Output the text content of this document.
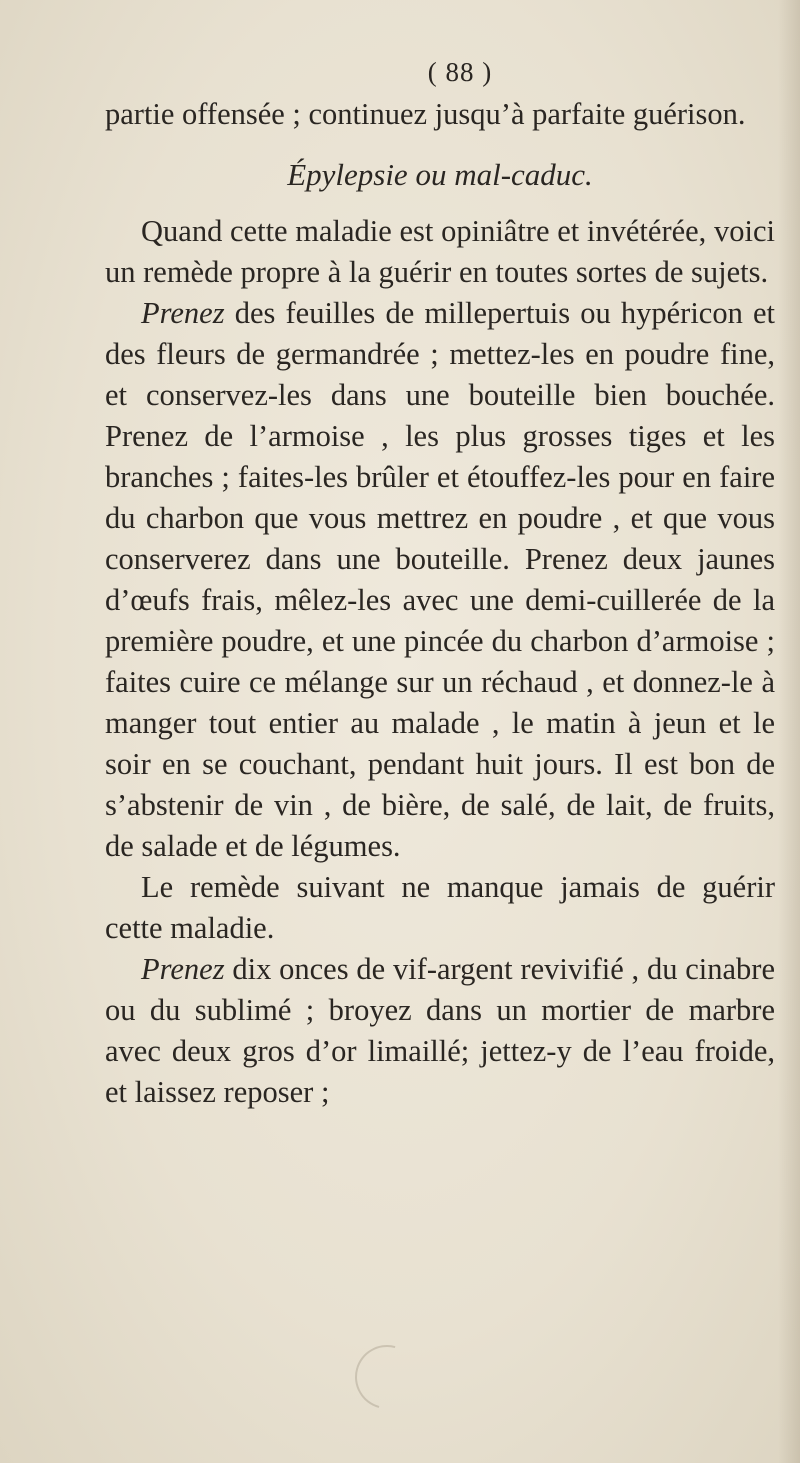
( 88 )

partie offensée ; continuez jusqu’à parfaite guérison.

Épylepsie ou mal-caduc.

Quand cette maladie est opiniâtre et invétérée, voici un remède propre à la guérir en toutes sortes de sujets.

Prenez des feuilles de millepertuis ou hypéricon et des fleurs de germandrée ; mettez-les en poudre fine, et conservez-les dans une bouteille bien bouchée. Prenez de l’armoise , les plus grosses tiges et les branches ; faites-les brûler et étouffez-les pour en faire du charbon que vous mettrez en poudre , et que vous conserverez dans une bouteille. Prenez deux jaunes d’œufs frais, mêlez-les avec une demi-cuillerée de la première poudre, et une pincée du charbon d’armoise ; faites cuire ce mélange sur un réchaud , et donnez-le à manger tout entier au malade , le matin à jeun et le soir en se couchant, pendant huit jours. Il est bon de s’abstenir de vin , de bière, de salé, de lait, de fruits, de salade et de légumes.

Le remède suivant ne manque jamais de guérir cette maladie.

Prenez dix onces de vif-argent revivifié , du cinabre ou du sublimé ; broyez dans un mortier de marbre avec deux gros d’or limaillé; jettez-y de l’eau froide, et laissez reposer ;
